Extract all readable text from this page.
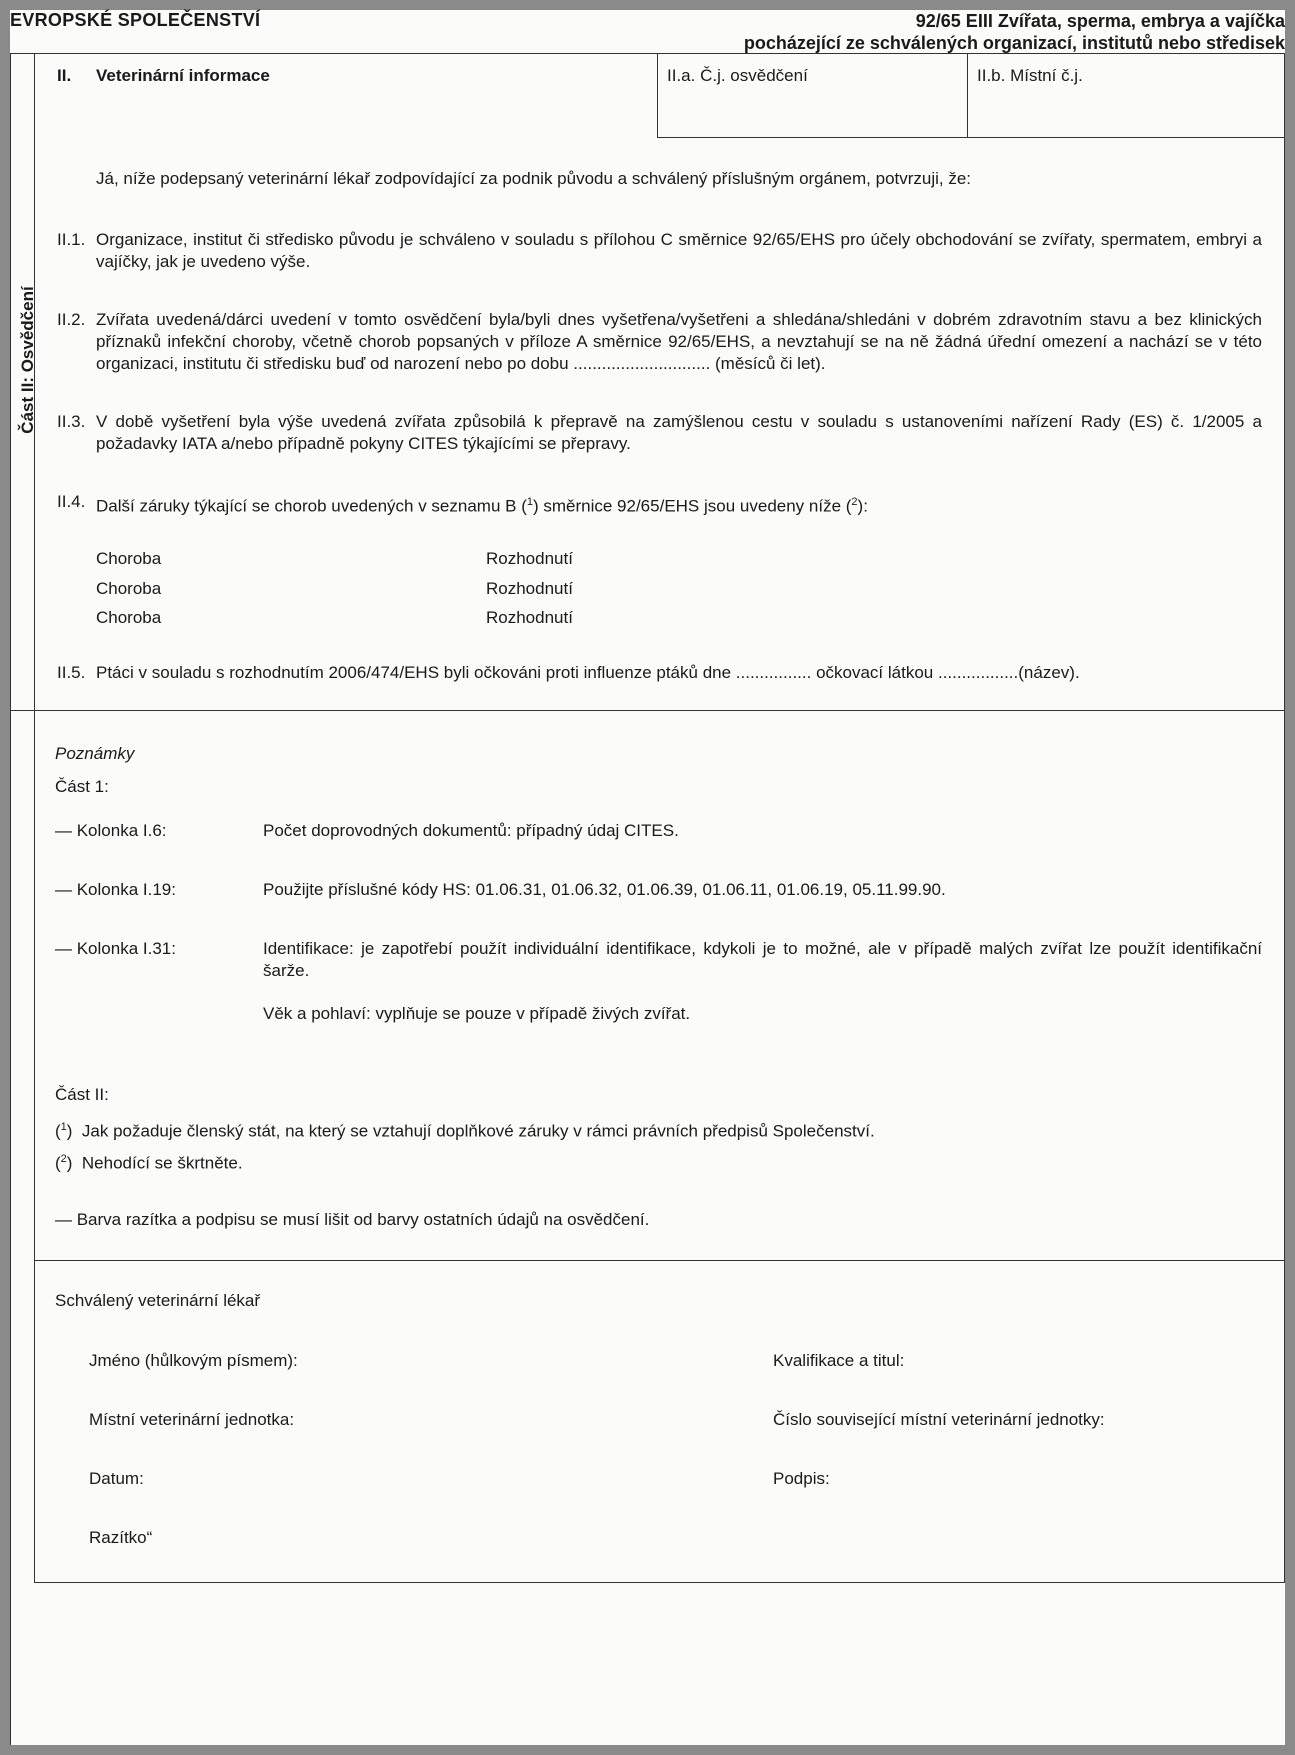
EVROPSKÉ SPOLEČENSTVÍ	92/65 EIII Zvířata, sperma, embrya a vajíčka
pocházející ze schválených organizací, institutů nebo středisek
Část II: Osvědčení
II. Veterinární informace	II.a. Č.j. osvědčení	II.b. Místní č.j.
Já, níže podepsaný veterinární lékař zodpovídající za podnik původu a schválený příslušným orgánem, potvrzuji, že:
II.1. Organizace, institut či středisko původu je schváleno v souladu s přílohou C směrnice 92/65/EHS pro účely obchodování se zvířaty, spermatem, embryi a vajíčky, jak je uvedeno výše.
II.2. Zvířata uvedená/dárci uvedení v tomto osvědčení byla/byli dnes vyšetřena/vyšetřeni a shledána/shledáni v dobrém zdravotním stavu a bez klinických příznaků infekční choroby, včetně chorob popsaných v příloze A směrnice 92/65/EHS, a nevztahují se na ně žádná úřední omezení a nachází se v této organizaci, institutu či středisku buď od narození nebo po dobu ............................. (měsíců či let).
II.3. V době vyšetření byla výše uvedená zvířata způsobilá k přepravě na zamýšlenou cestu v souladu s ustanoveními nařízení Rady (ES) č. 1/2005 a požadavky IATA a/nebo případně pokyny CITES týkajícími se přepravy.
II.4. Další záruky týkající se chorob uvedených v seznamu B ($^1$) směrnice 92/65/EHS jsou uvedeny níže ($^2$):
Choroba	Rozhodnutí
Choroba	Rozhodnutí
Choroba	Rozhodnutí
II.5. Ptáci v souladu s rozhodnutím 2006/474/EHS byli očkováni proti influenze ptáků dne ................ očkovací látkou .................(název).
Poznámky
Část 1:
— Kolonka I.6:	Počet doprovodných dokumentů: případný údaj CITES.
— Kolonka I.19:	Použijte příslušné kódy HS: 01.06.31, 01.06.32, 01.06.39, 01.06.11, 01.06.19, 05.11.99.90.
— Kolonka I.31:	Identifikace: je zapotřebí použít individuální identifikace, kdykoli je to možné, ale v případě malých zvířat lze použít identifikační šarže.
Věk a pohlaví: vyplňuje se pouze v případě živých zvířat.
Část II:
($^1$)  Jak požaduje členský stát, na který se vztahují doplňkové záruky v rámci právních předpisů Společenství.
($^2$)  Nehodící se škrtněte.
— Barva razítka a podpisu se musí lišit od barvy ostatních údajů na osvědčení.
Schválený veterinární lékař
Jméno (hůlkovým písmem):	Kvalifikace a titul:
Místní veterinární jednotka:	Číslo související místní veterinární jednotky:
Datum:	Podpis:
Razítko“
